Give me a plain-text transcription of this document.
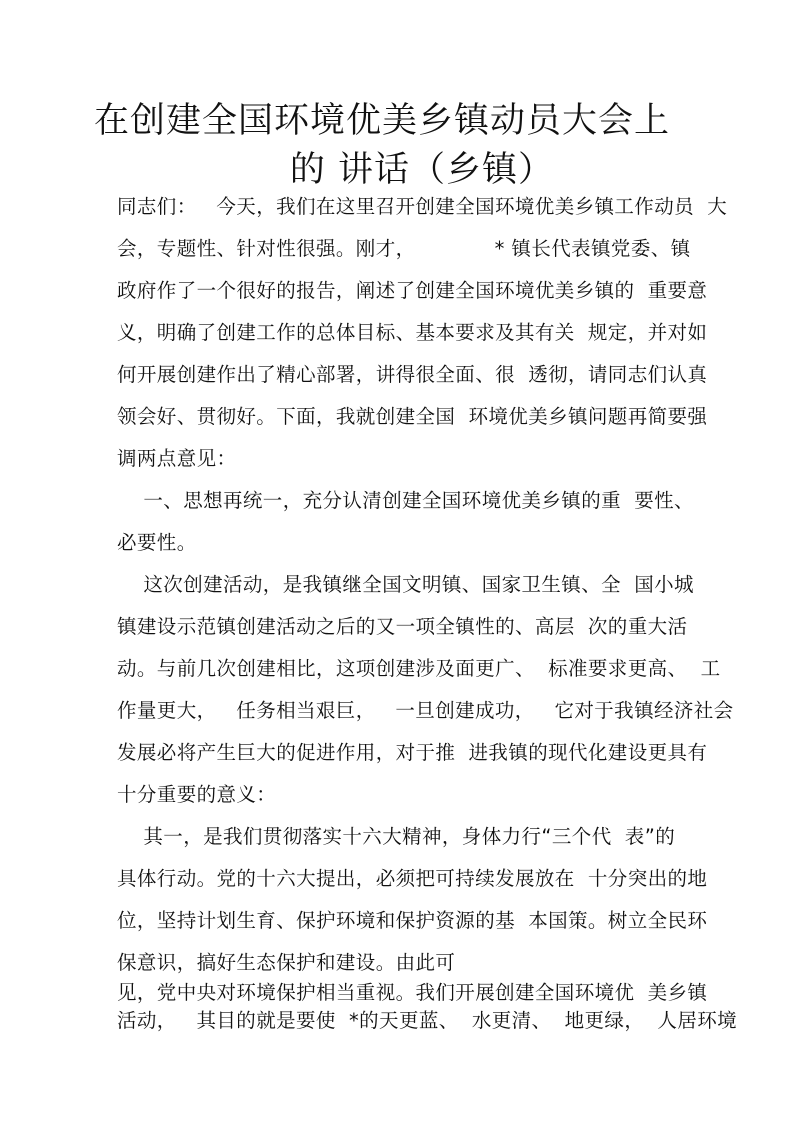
在创建全国环境优美乡镇动员大会上
的 讲话（乡镇）
同志们：   今天，我们在这里召开创建全国环境优美乡镇工作动员  大
会，专题性、针对性很强。刚才，            * 镇长代表镇党委、镇
政府作了一个很好的报告，阐述了创建全国环境优美乡镇的  重要意
义，明确了创建工作的总体目标、基本要求及其有关  规定，并对如
何开展创建作出了精心部署，讲得很全面、很  透彻，请同志们认真
领会好、贯彻好。下面，我就创建全国  环境优美乡镇问题再简要强
调两点意见：
一、思想再统一，充分认清创建全国环境优美乡镇的重  要性、
必要性。
这次创建活动，是我镇继全国文明镇、国家卫生镇、全  国小城
镇建设示范镇创建活动之后的又一项全镇性的、高层  次的重大活
动。与前几次创建相比，这项创建涉及面更广、  标准要求更高、  工
作量更大，   任务相当艰巨，   一旦创建成功，   它对于我镇经济社会
发展必将产生巨大的促进作用，对于推  进我镇的现代化建设更具有
十分重要的意义：
其一，是我们贯彻落实十六大精神，身体力行“三个代  表”的
具体行动。党的十六大提出，必须把可持续发展放在  十分突出的地
位，坚持计划生育、保护环境和保护资源的基  本国策。树立全民环
保意识，搞好生态保护和建设。由此可
见，党中央对环境保护相当重视。我们开展创建全国环境优  美乡镇
活动，   其目的就是要使  *的天更蓝、  水更清、  地更绿，  人居环境
